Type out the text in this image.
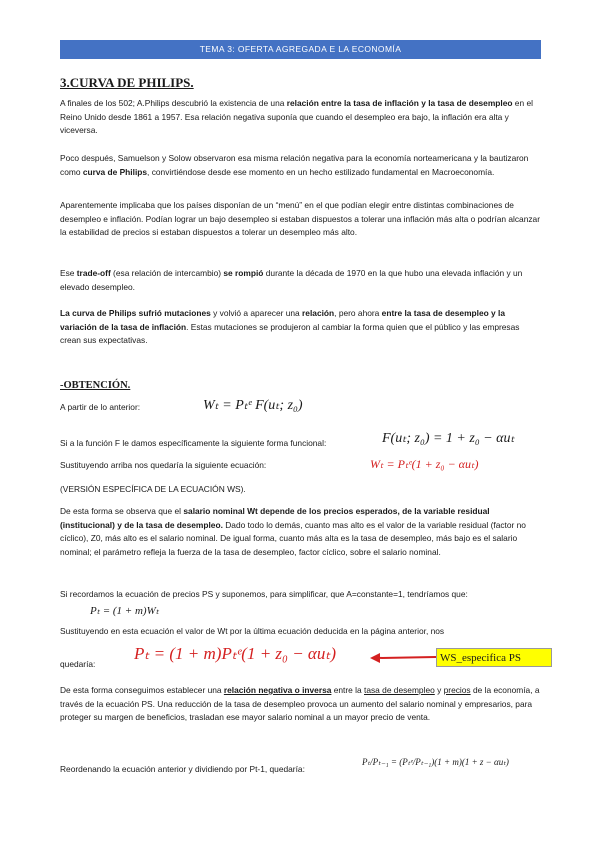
TEMA 3: OFERTA AGREGADA E LA ECONOMÍA
3.CURVA DE PHILIPS.

A finales de los 502; A.Philips descubrió la existencia de una relación entre la tasa de inflación y la tasa de desempleo en el Reino Unido desde 1861 a 1957. Esa relación negativa suponía que cuando el desempleo era bajo, la inflación era alta y viceversa.

Poco después, Samuelson y Solow observaron esa misma relación negativa para la economía norteamericana y la bautizaron como curva de Philips, convirtiéndose desde ese momento en un hecho estilizado fundamental en Macroeconomía.

Aparentemente implicaba que los países disponían de un “menú” en el que podían elegir entre distintas combinaciones de desempleo e inflación. Podían lograr un bajo desempleo si estaban dispuestos a tolerar una inflación más alta o podrían alcanzar la estabilidad de precios si estaban dispuestos a tolerar un desempleo más alto.

Ese trade-off (esa relación de intercambio) se rompió durante la década de 1970 en la que hubo una elevada inflación y un elevado desempleo.

La curva de Philips sufrió mutaciones y volvió a aparecer una relación, pero ahora entre la tasa de desempleo y la variación de la tasa de inflación. Estas mutaciones se produjeron al cambiar la forma quien que el público y las empresas crean sus expectativas.

-OBTENCIÓN.

A partir de lo anterior:	Wₜ = Pₜᵉ F(uₜ; z₀)

Si a la función F le damos específicamente la siguiente forma funcional:	F(uₜ; z₀) = 1 + z₀ − αuₜ

Sustituyendo arriba nos quedaría la siguiente ecuación:	Wₜ = Pₜᵉ(1 + z₀ − αuₜ)

(VERSIÓN ESPECÍFICA DE LA ECUACIÓN WS).

De esta forma se observa que el salario nominal Wt depende de los precios esperados, de la variable residual (institucional) y de la tasa de desempleo. Dado todo lo demás, cuanto mas alto es el valor de la variable residual (factor no cíclico), Z0, más alto es el salario nominal. De igual forma, cuanto más alta es la tasa de desempleo, más bajo es el salario nominal; el parámetro refleja la fuerza de la tasa de desempleo, factor cíclico, sobre el salario nominal.

Si recordamos la ecuación de precios PS y suponemos, para simplificar, que A=constante=1, tendríamos que:

Pₜ = (1 + m)Wₜ

Sustituyendo en esta ecuación el valor de Wt por la última ecuación deducida en la página anterior, nos

quedaría:

Pₜ = (1 + m)Pₜᵉ(1 + z₀ − αuₜ)	WS_especifica PS

De esta forma conseguimos establecer una relación negativa o inversa entre la tasa de desempleo y precios de la economía, a través de la ecuación PS. Una reducción de la tasa de desempleo provoca un aumento del salario nominal y empresarios, para proteger su margen de beneficios, trasladan ese mayor salario nominal a un mayor precio de venta.

Reordenando la ecuación anterior y dividiendo por Pt-1, quedaría:

Pₜ/Pₜ₋₁ = (Pₜᵉ/Pₜ₋₁)(1 + m)(1 + z − αuₜ)
